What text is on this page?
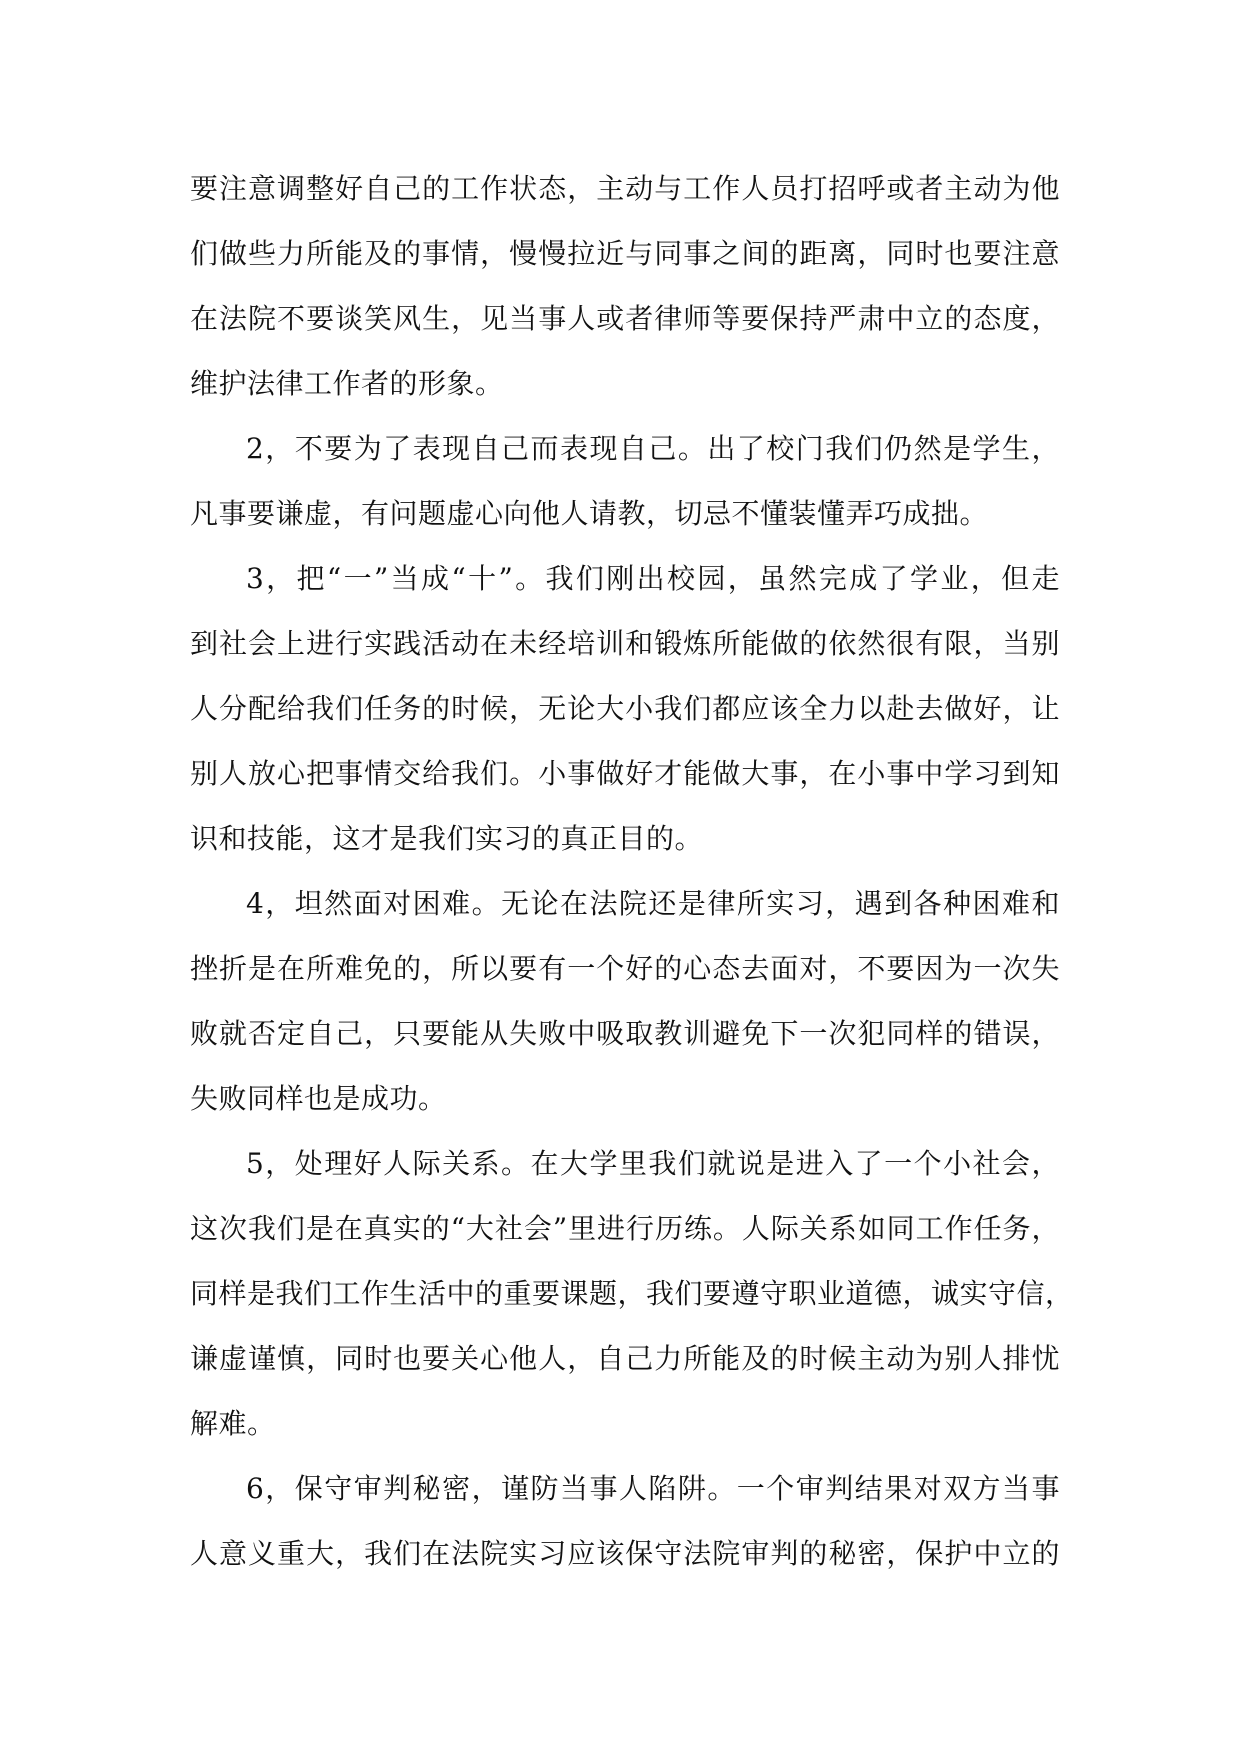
要注意调整好自己的工作状态，主动与工作人员打招呼或者主动为他
们做些力所能及的事情，慢慢拉近与同事之间的距离，同时也要注意
在法院不要谈笑风生，见当事人或者律师等要保持严肃中立的态度，
维护法律工作者的形象。
2，不要为了表现自己而表现自己。出了校门我们仍然是学生，
凡事要谦虚，有问题虚心向他人请教，切忌不懂装懂弄巧成拙。
3，把“一”当成“十”。我们刚出校园，虽然完成了学业，但走
到社会上进行实践活动在未经培训和锻炼所能做的依然很有限，当别
人分配给我们任务的时候，无论大小我们都应该全力以赴去做好，让
别人放心把事情交给我们。小事做好才能做大事，在小事中学习到知
识和技能，这才是我们实习的真正目的。
4，坦然面对困难。无论在法院还是律所实习，遇到各种困难和
挫折是在所难免的，所以要有一个好的心态去面对，不要因为一次失
败就否定自己，只要能从失败中吸取教训避免下一次犯同样的错误，
失败同样也是成功。
5，处理好人际关系。在大学里我们就说是进入了一个小社会，
这次我们是在真实的“大社会”里进行历练。人际关系如同工作任务，
同样是我们工作生活中的重要课题，我们要遵守职业道德，诚实守信，
谦虚谨慎，同时也要关心他人，自己力所能及的时候主动为别人排忧
解难。
6，保守审判秘密，谨防当事人陷阱。一个审判结果对双方当事
人意义重大，我们在法院实习应该保守法院审判的秘密，保护中立的
